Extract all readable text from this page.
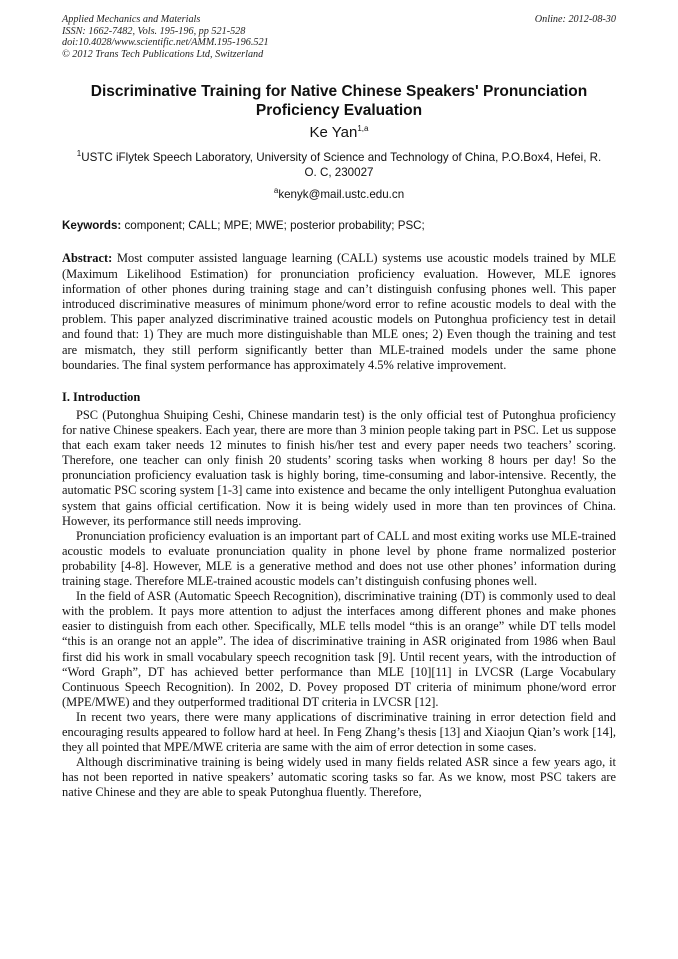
Applied Mechanics and Materials
ISSN: 1662-7482, Vols. 195-196, pp 521-528
doi:10.4028/www.scientific.net/AMM.195-196.521
© 2012 Trans Tech Publications Ltd, Switzerland
Online: 2012-08-30
Discriminative Training for Native Chinese Speakers' Pronunciation Proficiency Evaluation
Ke Yan$^{1,a}$
$^1$USTC iFlytek Speech Laboratory, University of Science and Technology of China, P.O.Box4, Hefei, R. O. C, 230027
$^a$kenyk@mail.ustc.edu.cn
Keywords: component; CALL; MPE; MWE; posterior probability; PSC;
Abstract: Most computer assisted language learning (CALL) systems use acoustic models trained by MLE (Maximum Likelihood Estimation) for pronunciation proficiency evaluation. However, MLE ignores information of other phones during training stage and can’t distinguish confusing phones well. This paper introduced discriminative measures of minimum phone/word error to refine acoustic models to deal with the problem. This paper analyzed discriminative trained acoustic models on Putonghua proficiency test in detail and found that: 1) They are much more distinguishable than MLE ones; 2) Even though the training and test are mismatch, they still perform significantly better than MLE-trained models under the same phone boundaries. The final system performance has approximately 4.5% relative improvement.
I. Introduction

PSC (Putonghua Shuiping Ceshi, Chinese mandarin test) is the only official test of Putonghua proficiency for native Chinese speakers. Each year, there are more than 3 minion people taking part in PSC. Let us suppose that each exam taker needs 12 minutes to finish his/her test and every paper needs two teachers’ scoring. Therefore, one teacher can only finish 20 students’ scoring tasks when working 8 hours per day! So the pronunciation proficiency evaluation task is highly boring, time-consuming and labor-intensive. Recently, the automatic PSC scoring system [1-3] came into existence and became the only intelligent Putonghua evaluation system that gains official certification. Now it is being widely used in more than ten provinces of China. However, its performance still needs improving.

Pronunciation proficiency evaluation is an important part of CALL and most exiting works use MLE-trained acoustic models to evaluate pronunciation quality in phone level by phone frame normalized posterior probability [4-8]. However, MLE is a generative method and does not use other phones’ information during training stage. Therefore MLE-trained acoustic models can’t distinguish confusing phones well.

In the field of ASR (Automatic Speech Recognition), discriminative training (DT) is commonly used to deal with the problem. It pays more attention to adjust the interfaces among different phones and make phones easier to distinguish from each other. Specifically, MLE tells model “this is an orange” while DT tells model “this is an orange not an apple”. The idea of discriminative training in ASR originated from 1986 when Baul first did his work in small vocabulary speech recognition task [9]. Until recent years, with the introduction of “Word Graph”, DT has achieved better performance than MLE [10][11] in LVCSR (Large Vocabulary Continuous Speech Recognition). In 2002, D. Povey proposed DT criteria of minimum phone/word error (MPE/MWE) and they outperformed traditional DT criteria in LVCSR [12].

In recent two years, there were many applications of discriminative training in error detection field and encouraging results appeared to follow hard at heel. In Feng Zhang’s thesis [13] and Xiaojun Qian’s work [14], they all pointed that MPE/MWE criteria are same with the aim of error detection in some cases.

Although discriminative training is being widely used in many fields related ASR since a few years ago, it has not been reported in native speakers’ automatic scoring tasks so far. As we know, most PSC takers are native Chinese and they are able to speak Putonghua fluently. Therefore,
